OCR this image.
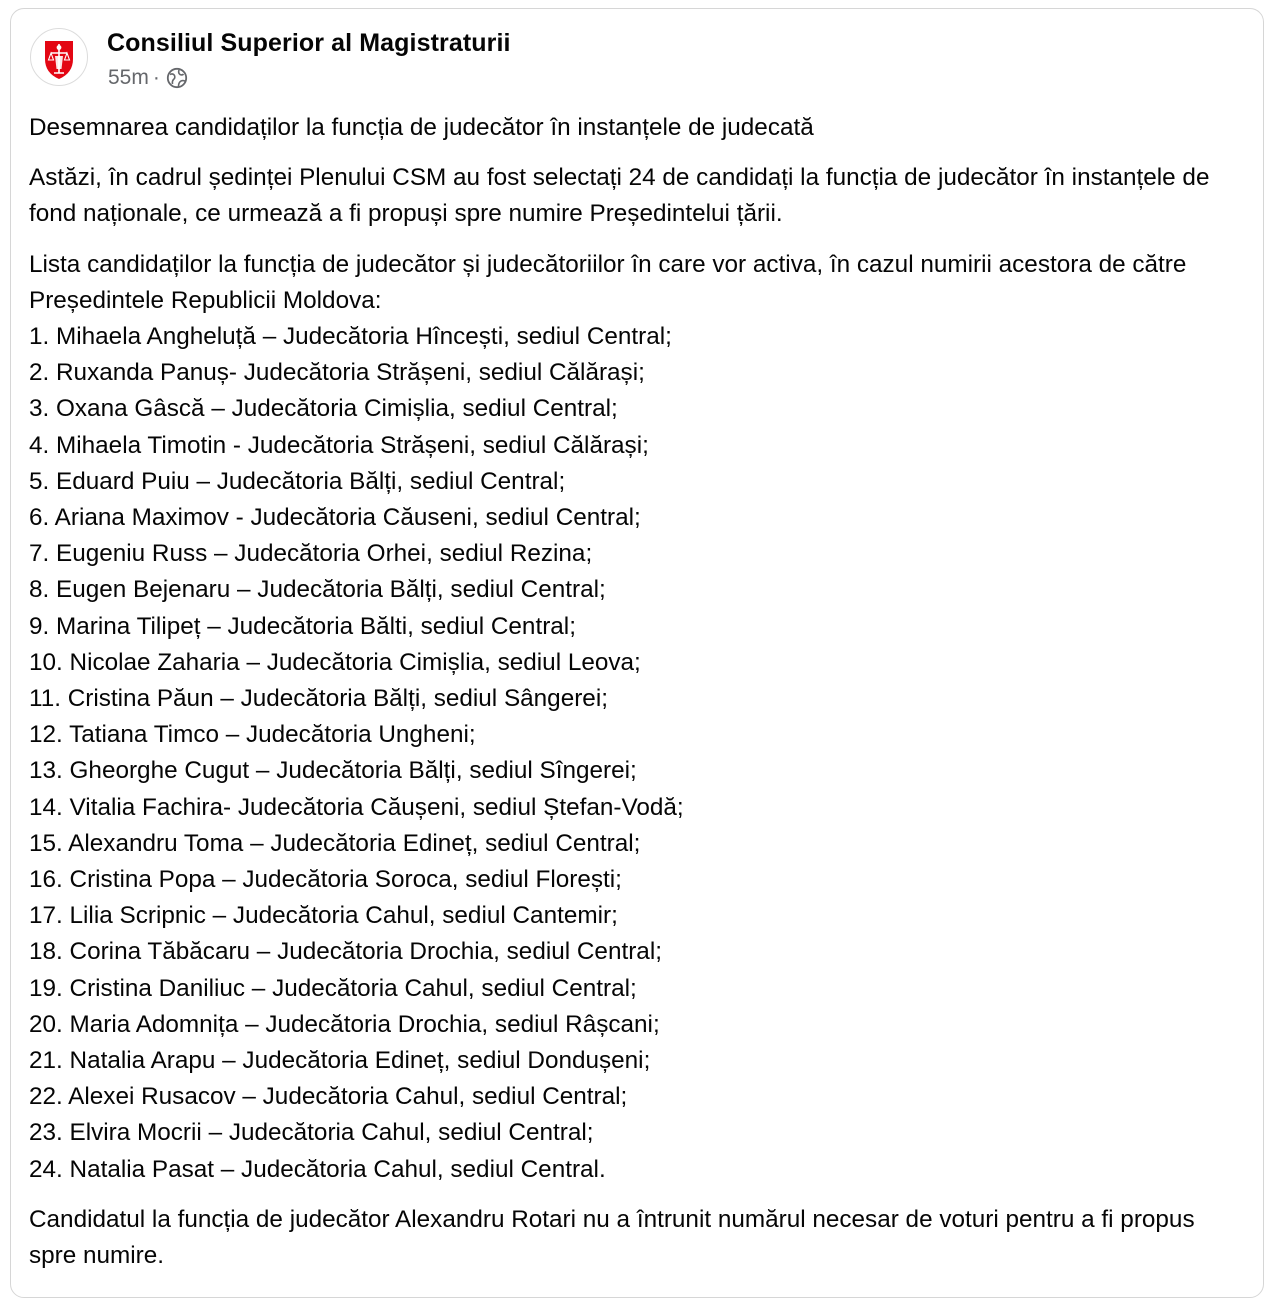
Consiliul Superior al Magistraturii
55m ·

Desemnarea candidaților la funcția de judecător în instanțele de judecată

Astăzi, în cadrul ședinței Plenului CSM au fost selectați 24 de candidați la funcția de judecător în instanțele de fond naționale, ce urmează a fi propuși spre numire Președintelui țării.

Lista candidaților la funcția de judecător și judecătoriilor în care vor activa, în cazul numirii acestora de către Președintele Republicii Moldova:

1. Mihaela Angheluță – Judecătoria Hîncești, sediul Central;
2. Ruxanda Panuș- Judecătoria Strășeni, sediul Călărași;
3. Oxana Gâscă – Judecătoria Cimișlia, sediul Central;
4. Mihaela Timotin - Judecătoria Strășeni, sediul Călărași;
5. Eduard Puiu – Judecătoria Bălți, sediul Central;
6. Ariana Maximov - Judecătoria Căuseni, sediul Central;
7. Eugeniu Russ – Judecătoria Orhei, sediul Rezina;
8. Eugen Bejenaru – Judecătoria Bălți, sediul Central;
9. Marina Tilipeț – Judecătoria Bălti, sediul Central;
10. Nicolae Zaharia – Judecătoria Cimișlia, sediul Leova;
11. Cristina Păun – Judecătoria Bălți, sediul Sângerei;
12. Tatiana Timco – Judecătoria Ungheni;
13. Gheorghe Cugut – Judecătoria Bălți, sediul Sîngerei;
14. Vitalia Fachira- Judecătoria Căușeni, sediul Ștefan-Vodă;
15. Alexandru Toma – Judecătoria Edineț, sediul Central;
16. Cristina Popa – Judecătoria Soroca, sediul Florești;
17. Lilia Scripnic – Judecătoria Cahul, sediul Cantemir;
18. Corina Tăbăcaru – Judecătoria Drochia, sediul Central;
19. Cristina Daniliuc – Judecătoria Cahul, sediul Central;
20. Maria Adomnița – Judecătoria Drochia, sediul Râșcani;
21. Natalia Arapu – Judecătoria Edineț, sediul Dondușeni;
22. Alexei Rusacov – Judecătoria Cahul, sediul Central;
23. Elvira Mocrii – Judecătoria Cahul, sediul Central;
24. Natalia Pasat – Judecătoria Cahul, sediul Central.

Candidatul la funcția de judecător Alexandru Rotari nu a întrunit numărul necesar de voturi pentru a fi propus spre numire.
